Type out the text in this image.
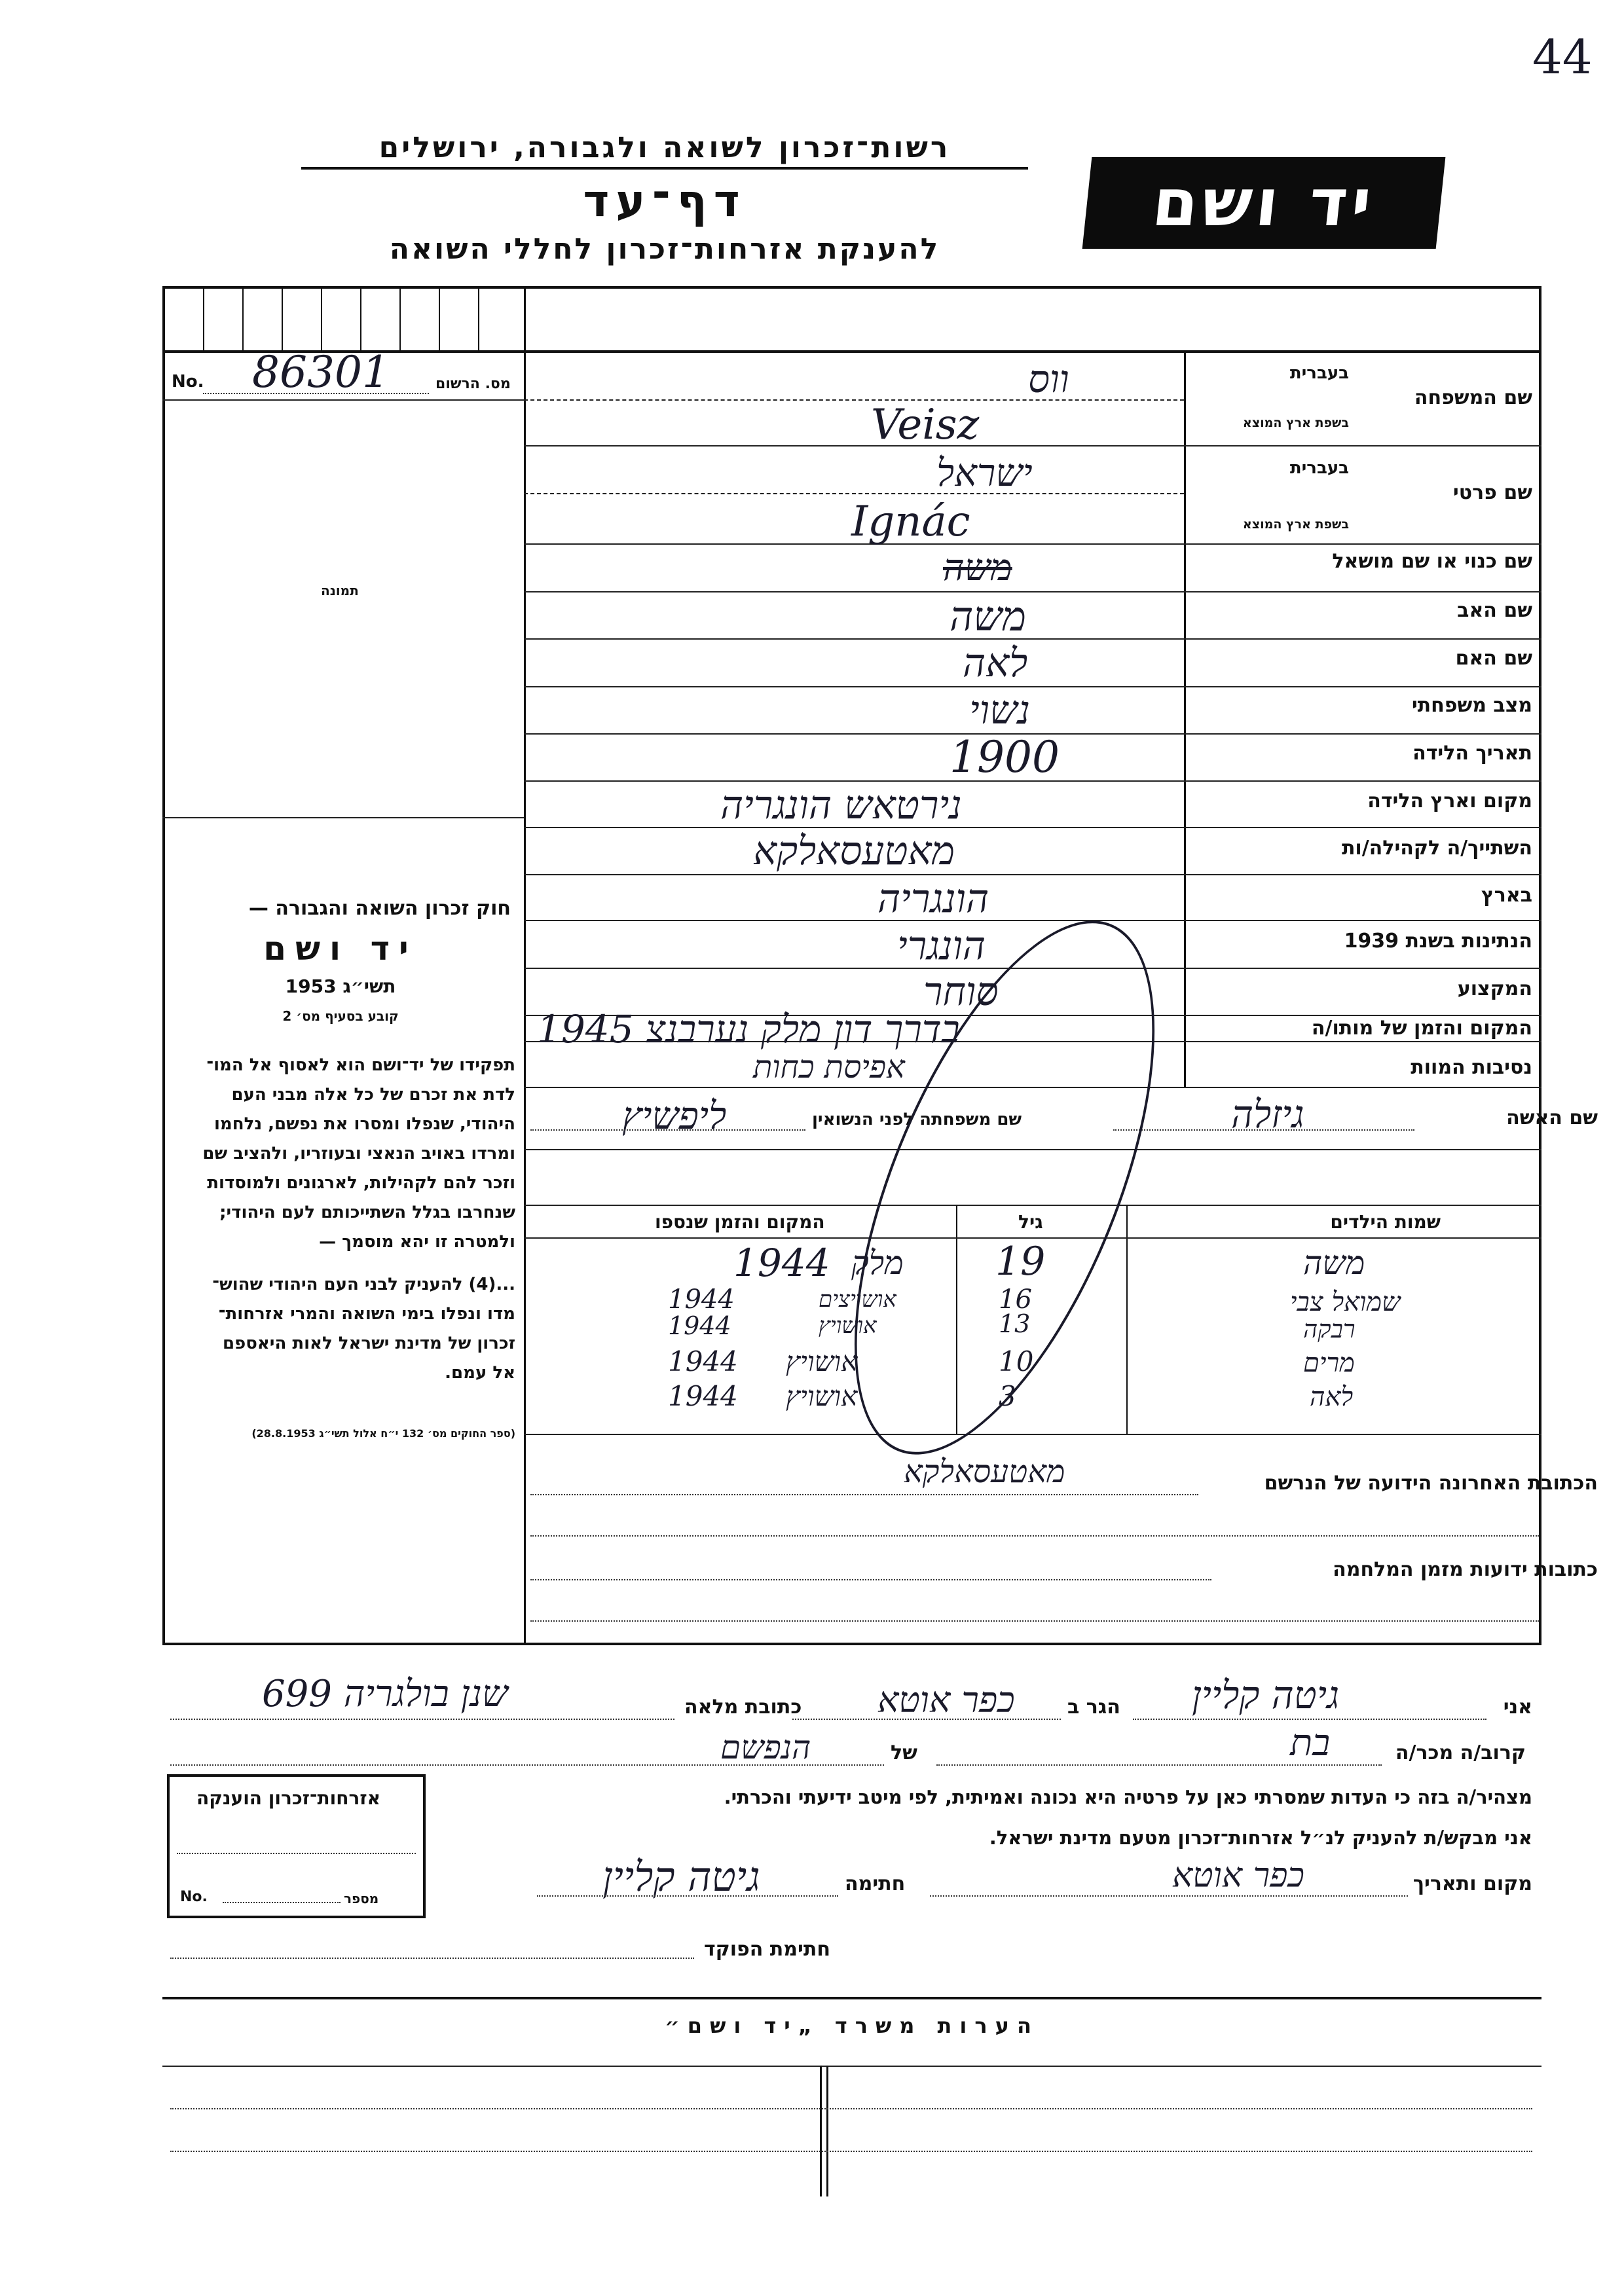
44
רשות־זכרון לשואה ולגבורה, ירושלים
דף־עד
להענקת אזרחות־זכרון לחללי השואה
יד ושם
No. 86301	מס. הרשום
תמונה
חוק זכרון השואה והגבורה —
יד ושם
תשי״ג 1953
קובע בסעיף מס׳ 2
תפקידו של יד־ושם הוא לאסוף אל המו־
לדת את זכרם של כל אלה מבני העם
היהודי, שנפלו ומסרו את נפשם, נלחמו
ומרדו באויב הנאצי ובעוזריו, ולהציב שם
וזכר להם לקהילות, לארגונים ולמוסדות
שנחרבו בגלל השתייכותם לעם היהודי;
ולמטרה זו יהא מוסמך —
...(4) להעניק לבני העם היהודי שהוש־
מדו ונפלו בימי השואה והמרי אזרחות־
זכרון של מדינת ישראל לאות היאספם
אל עמם.
(ספר החוקים מס׳ 132 י״ח אלול תשי״ג 28.8.1953)
שם המשפחה
בעברית
בשפת ארץ המוצא
שם פרטי
בעברית
בשפת ארץ המוצא
שם כנוי או שם מושאל
שם האב
שם האם
מצב משפחתי
תאריך הלידה
מקום וארץ הלידה
השתייך/ה לקהילה/ות
בארץ
הנתינות בשנת 1939
המקצוע
המקום והזמן של מותו/ה
נסיבות המוות
ווס
Veisz
ישראל
Ignác
משה
משה
לאה
נשוי
1900
נירטאש הונגריה
מאטעסאלקא
הונגריה
הונגרי
סוחר
בדרך דון מלק נערבנצ 1945
אפיסת כחות
שם האשה
גיזלה
שם משפחתה לפני הנשואין
ליפשיץ
שמות הילדים
גיל
המקום והזמן שנספו
משה
19
מלק
1944
שמואל צבי
16
אושויצים
1944
רבקה
13
אושויץ
1944
מרים
10
אושויץ
1944
לאה
3
אושויץ
1944
הכתובת האחרונה הידועה של הנרשם
מאטעסאלקא
כתובות ידועות מזמן המלחמה
אני
גיטה קליין
הגר ב
כפר אוטא
כתובת מלאה
שנן בולגריה 699
קרוב/ה מכר/ה
בת
של
הנפשם
מצהיר/ה בזה כי העדות שמסרתי כאן על פרטיה היא נכונה ואמיתית, לפי מיטב ידיעתי והכרתי.
אני מבקש/ת להעניק לנ״ל אזרחות־זכרון מטעם מדינת ישראל.
מקום ותאריך
כפר אוטא
חתימה
גיטה קליין
חתימת הפוקד
אזרחות־זכרון הוענקה
No.	מספר
הערות משרד „יד ושם״
